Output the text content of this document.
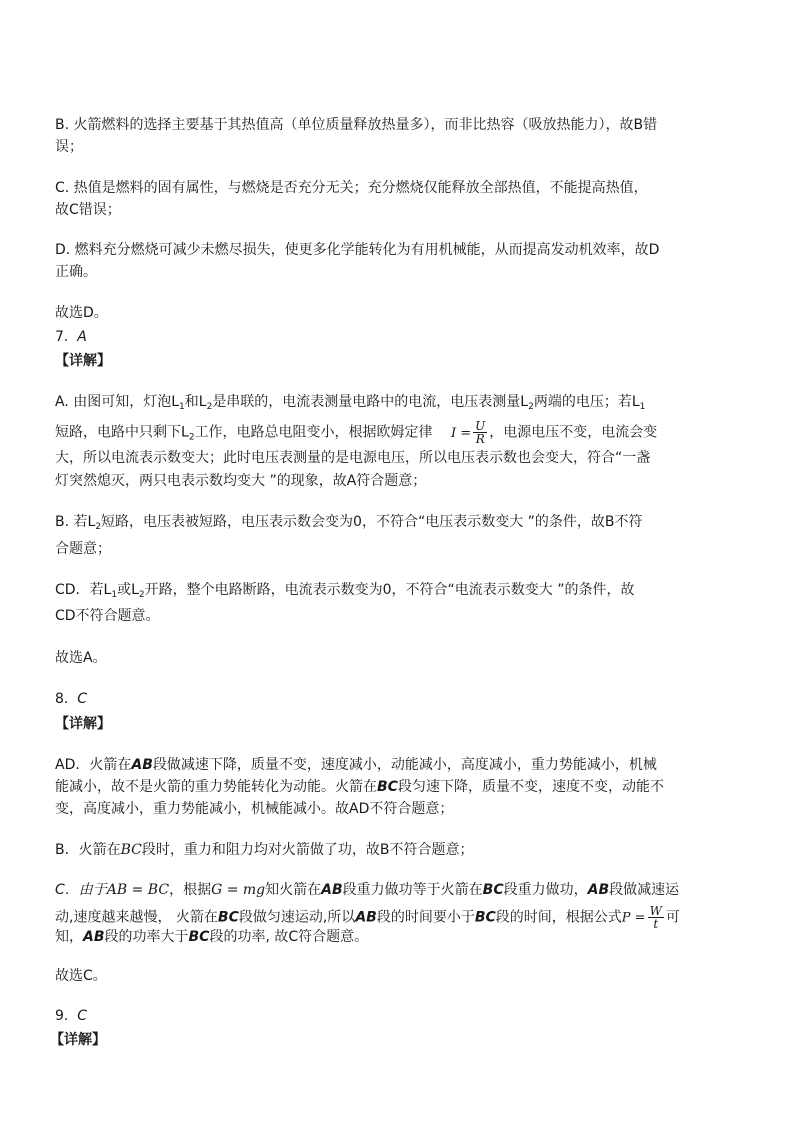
B. 火箭燃料的选择主要基于其热值高（单位质量释放热量多），而非比热容（吸放热能力），故B错
误；
C. 热值是燃料的固有属性，与燃烧是否充分无关；充分燃烧仅能释放全部热值，不能提高热值，
故C错误；
D. 燃料充分燃烧可减少未燃尽损失，使更多化学能转化为有用机械能，从而提高发动机效率，故D
正确。
故选D。
7. A
【详解】
A. 由图可知，灯泡$L_1$和$L_2$是串联的，电流表测量电路中的电流，电压表测量$L_2$两端的电压；若$L_1$
短路，电路中只剩下$L_2$工作，电路总电阻变小，根据欧姆定律 $I = \frac{U}{R}$ ，电源电压不变，电流会变
大，所以电流表示数变大；此时电压表测量的是电源电压，所以电压表示数也会变大，符合“一盏
灯突然熄灭，两只电表示数均变大 ”的现象，故A符合题意；
B. 若$L_2$短路，电压表被短路，电压表示数会变为0，不符合“电压表示数变大 ”的条件，故B不符
合题意；
CD．若$L_1$或$L_2$开路，整个电路断路，电流表示数变为0，不符合“电流表示数变大 ”的条件，故
CD不符合题意。
故选A。
8. C
【详解】
AD．火箭在AB段做减速下降，质量不变，速度减小，动能减小，高度减小，重力势能减小，机械
能减小，故不是火箭的重力势能转化为动能。火箭在BC段匀速下降，质量不变，速度不变，动能不
变，高度减小，重力势能减小，机械能减小。故AD不符合题意；
B．火箭在BC段时，重力和阻力均对火箭做了功，故B不符合题意；
C．由于AB = BC，根据G = mg知火箭在AB段重力做功等于火箭在BC段重力做功，AB段做减速运
动,速度越来越慢， 火箭在BC段做匀速运动,所以AB段的时间要小于BC段的时间，根据公式$P = \frac{W}{t}$ 可
知，AB段的功率大于BC段的功率, 故C符合题意。
故选C。
9. C
【详解】
